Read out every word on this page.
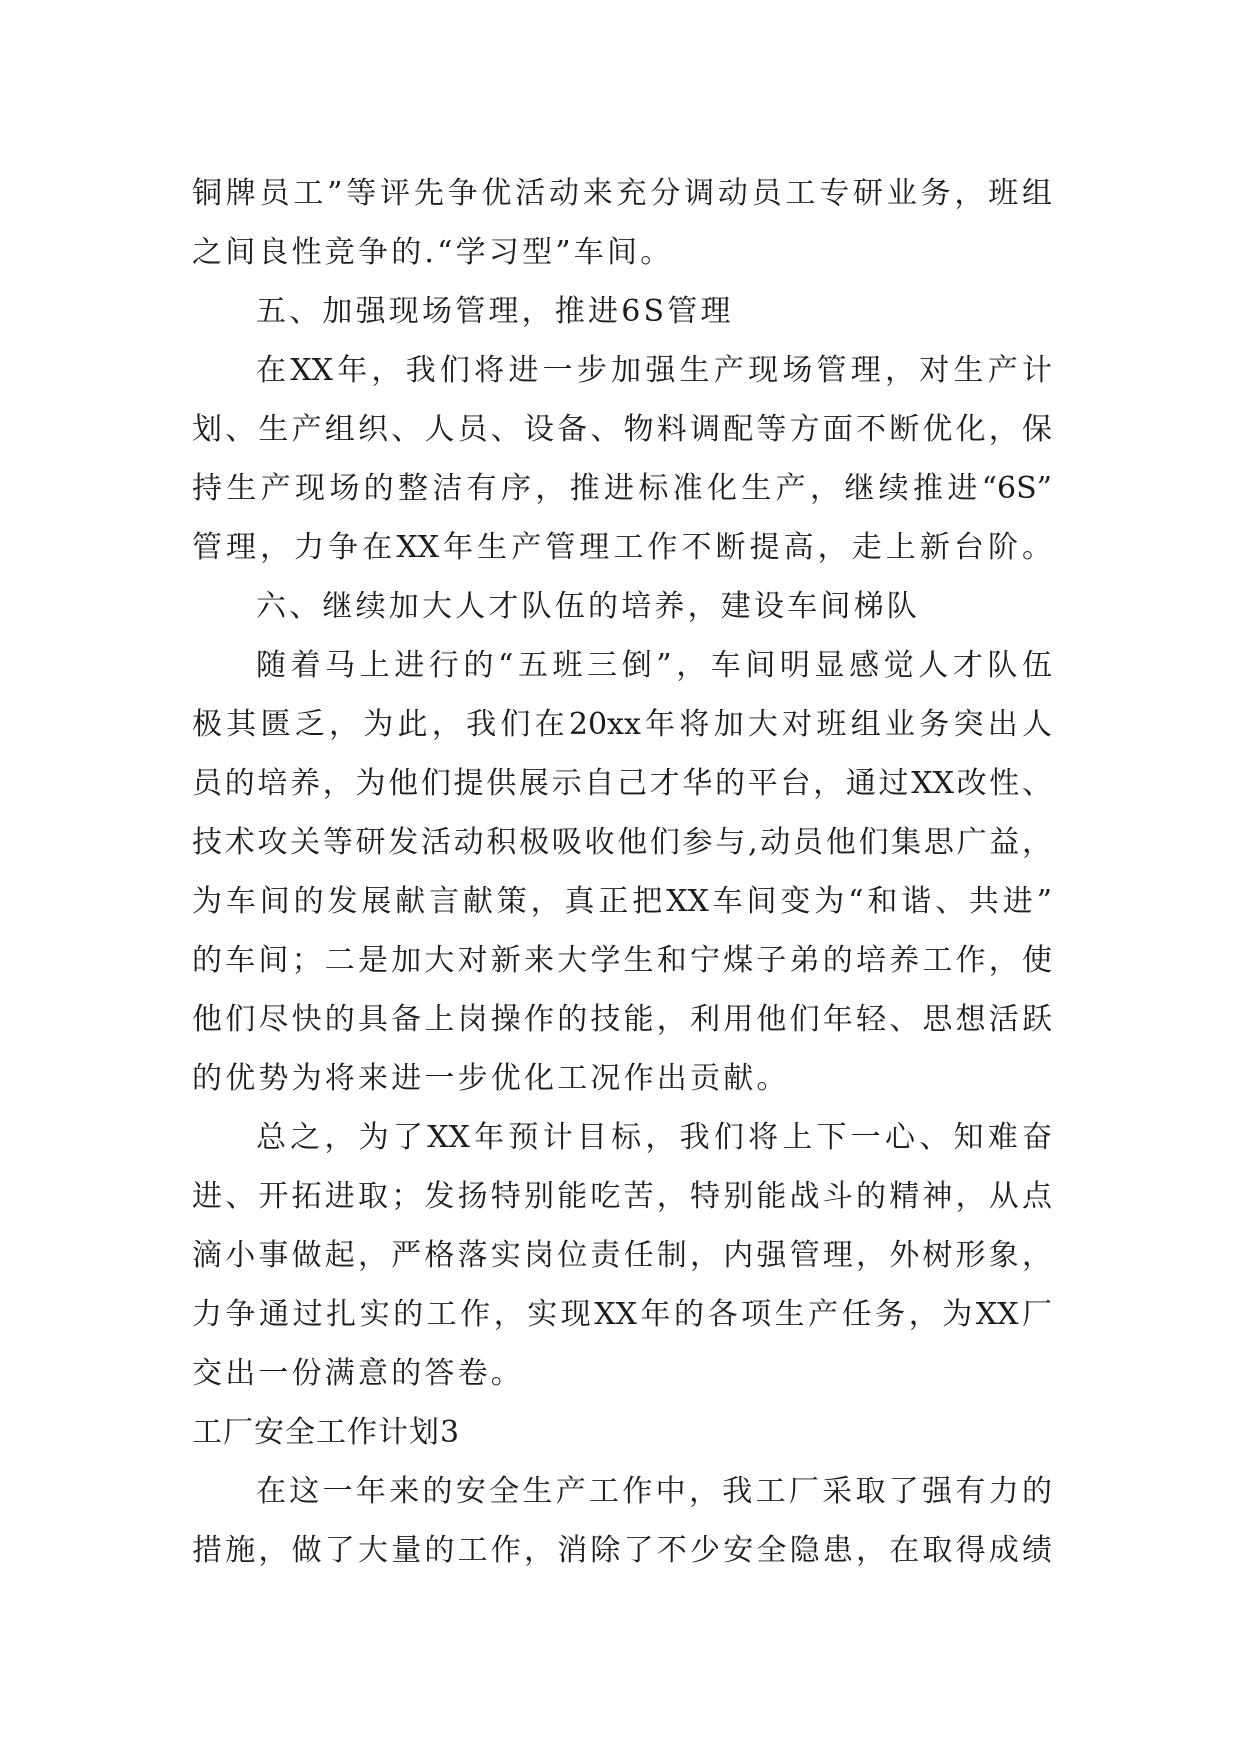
铜牌员工”等评先争优活动来充分调动员工专研业务，班组
之间良性竞争的.“学习型”车间。
五、加强现场管理，推进6S管理
在XX年，我们将进一步加强生产现场管理，对生产计
划、生产组织、人员、设备、物料调配等方面不断优化，保
持生产现场的整洁有序，推进标准化生产，继续推进“6S”
管理，力争在XX年生产管理工作不断提高，走上新台阶。
六、继续加大人才队伍的培养，建设车间梯队
随着马上进行的“五班三倒”，车间明显感觉人才队伍
极其匮乏，为此，我们在20xx年将加大对班组业务突出人
员的培养，为他们提供展示自己才华的平台，通过XX改性、
技术攻关等研发活动积极吸收他们参与,动员他们集思广益，
为车间的发展献言献策，真正把XX车间变为“和谐、共进”
的车间；二是加大对新来大学生和宁煤子弟的培养工作，使
他们尽快的具备上岗操作的技能，利用他们年轻、思想活跃
的优势为将来进一步优化工况作出贡献。
总之，为了XX年预计目标，我们将上下一心、知难奋
进、开拓进取；发扬特别能吃苦，特别能战斗的精神，从点
滴小事做起，严格落实岗位责任制，内强管理，外树形象，
力争通过扎实的工作，实现XX年的各项生产任务，为XX厂
交出一份满意的答卷。
工厂安全工作计划3
在这一年来的安全生产工作中，我工厂采取了强有力的
措施，做了大量的工作，消除了不少安全隐患，在取得成绩
